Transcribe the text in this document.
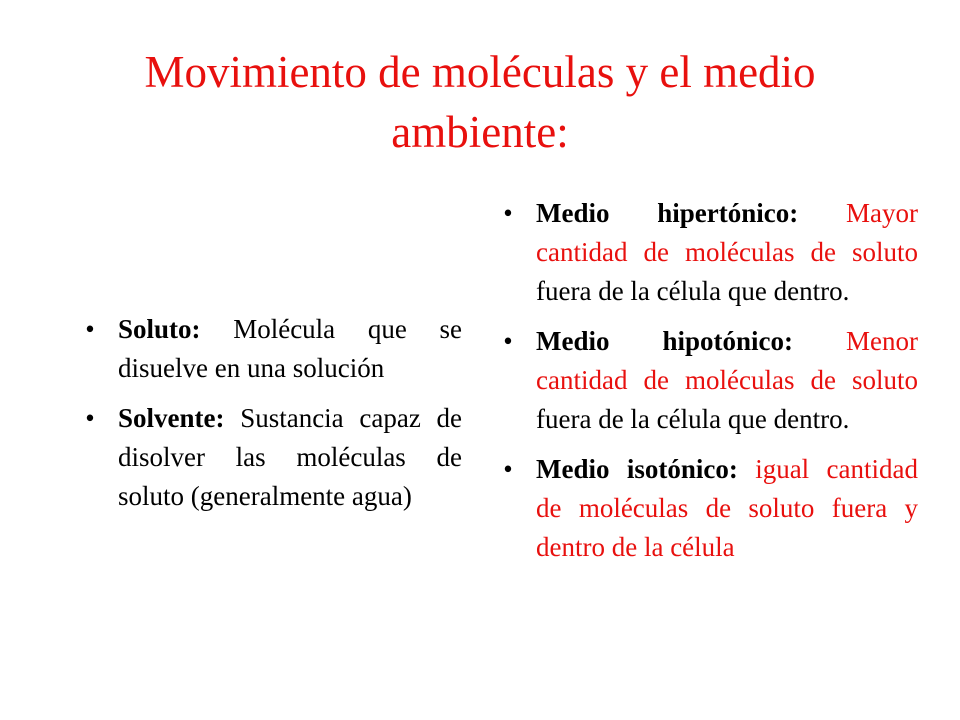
Movimiento de moléculas y el medio
ambiente:
• Soluto: Molécula que se disuelve en una solución
• Solvente: Sustancia capaz de disolver las moléculas de soluto (generalmente agua)
• Medio hipertónico: Mayor cantidad de moléculas de soluto fuera de la célula que dentro.
• Medio hipotónico: Menor cantidad de moléculas de soluto fuera de la célula que dentro.
• Medio isotónico: igual cantidad de moléculas de soluto fuera y dentro de la célula
